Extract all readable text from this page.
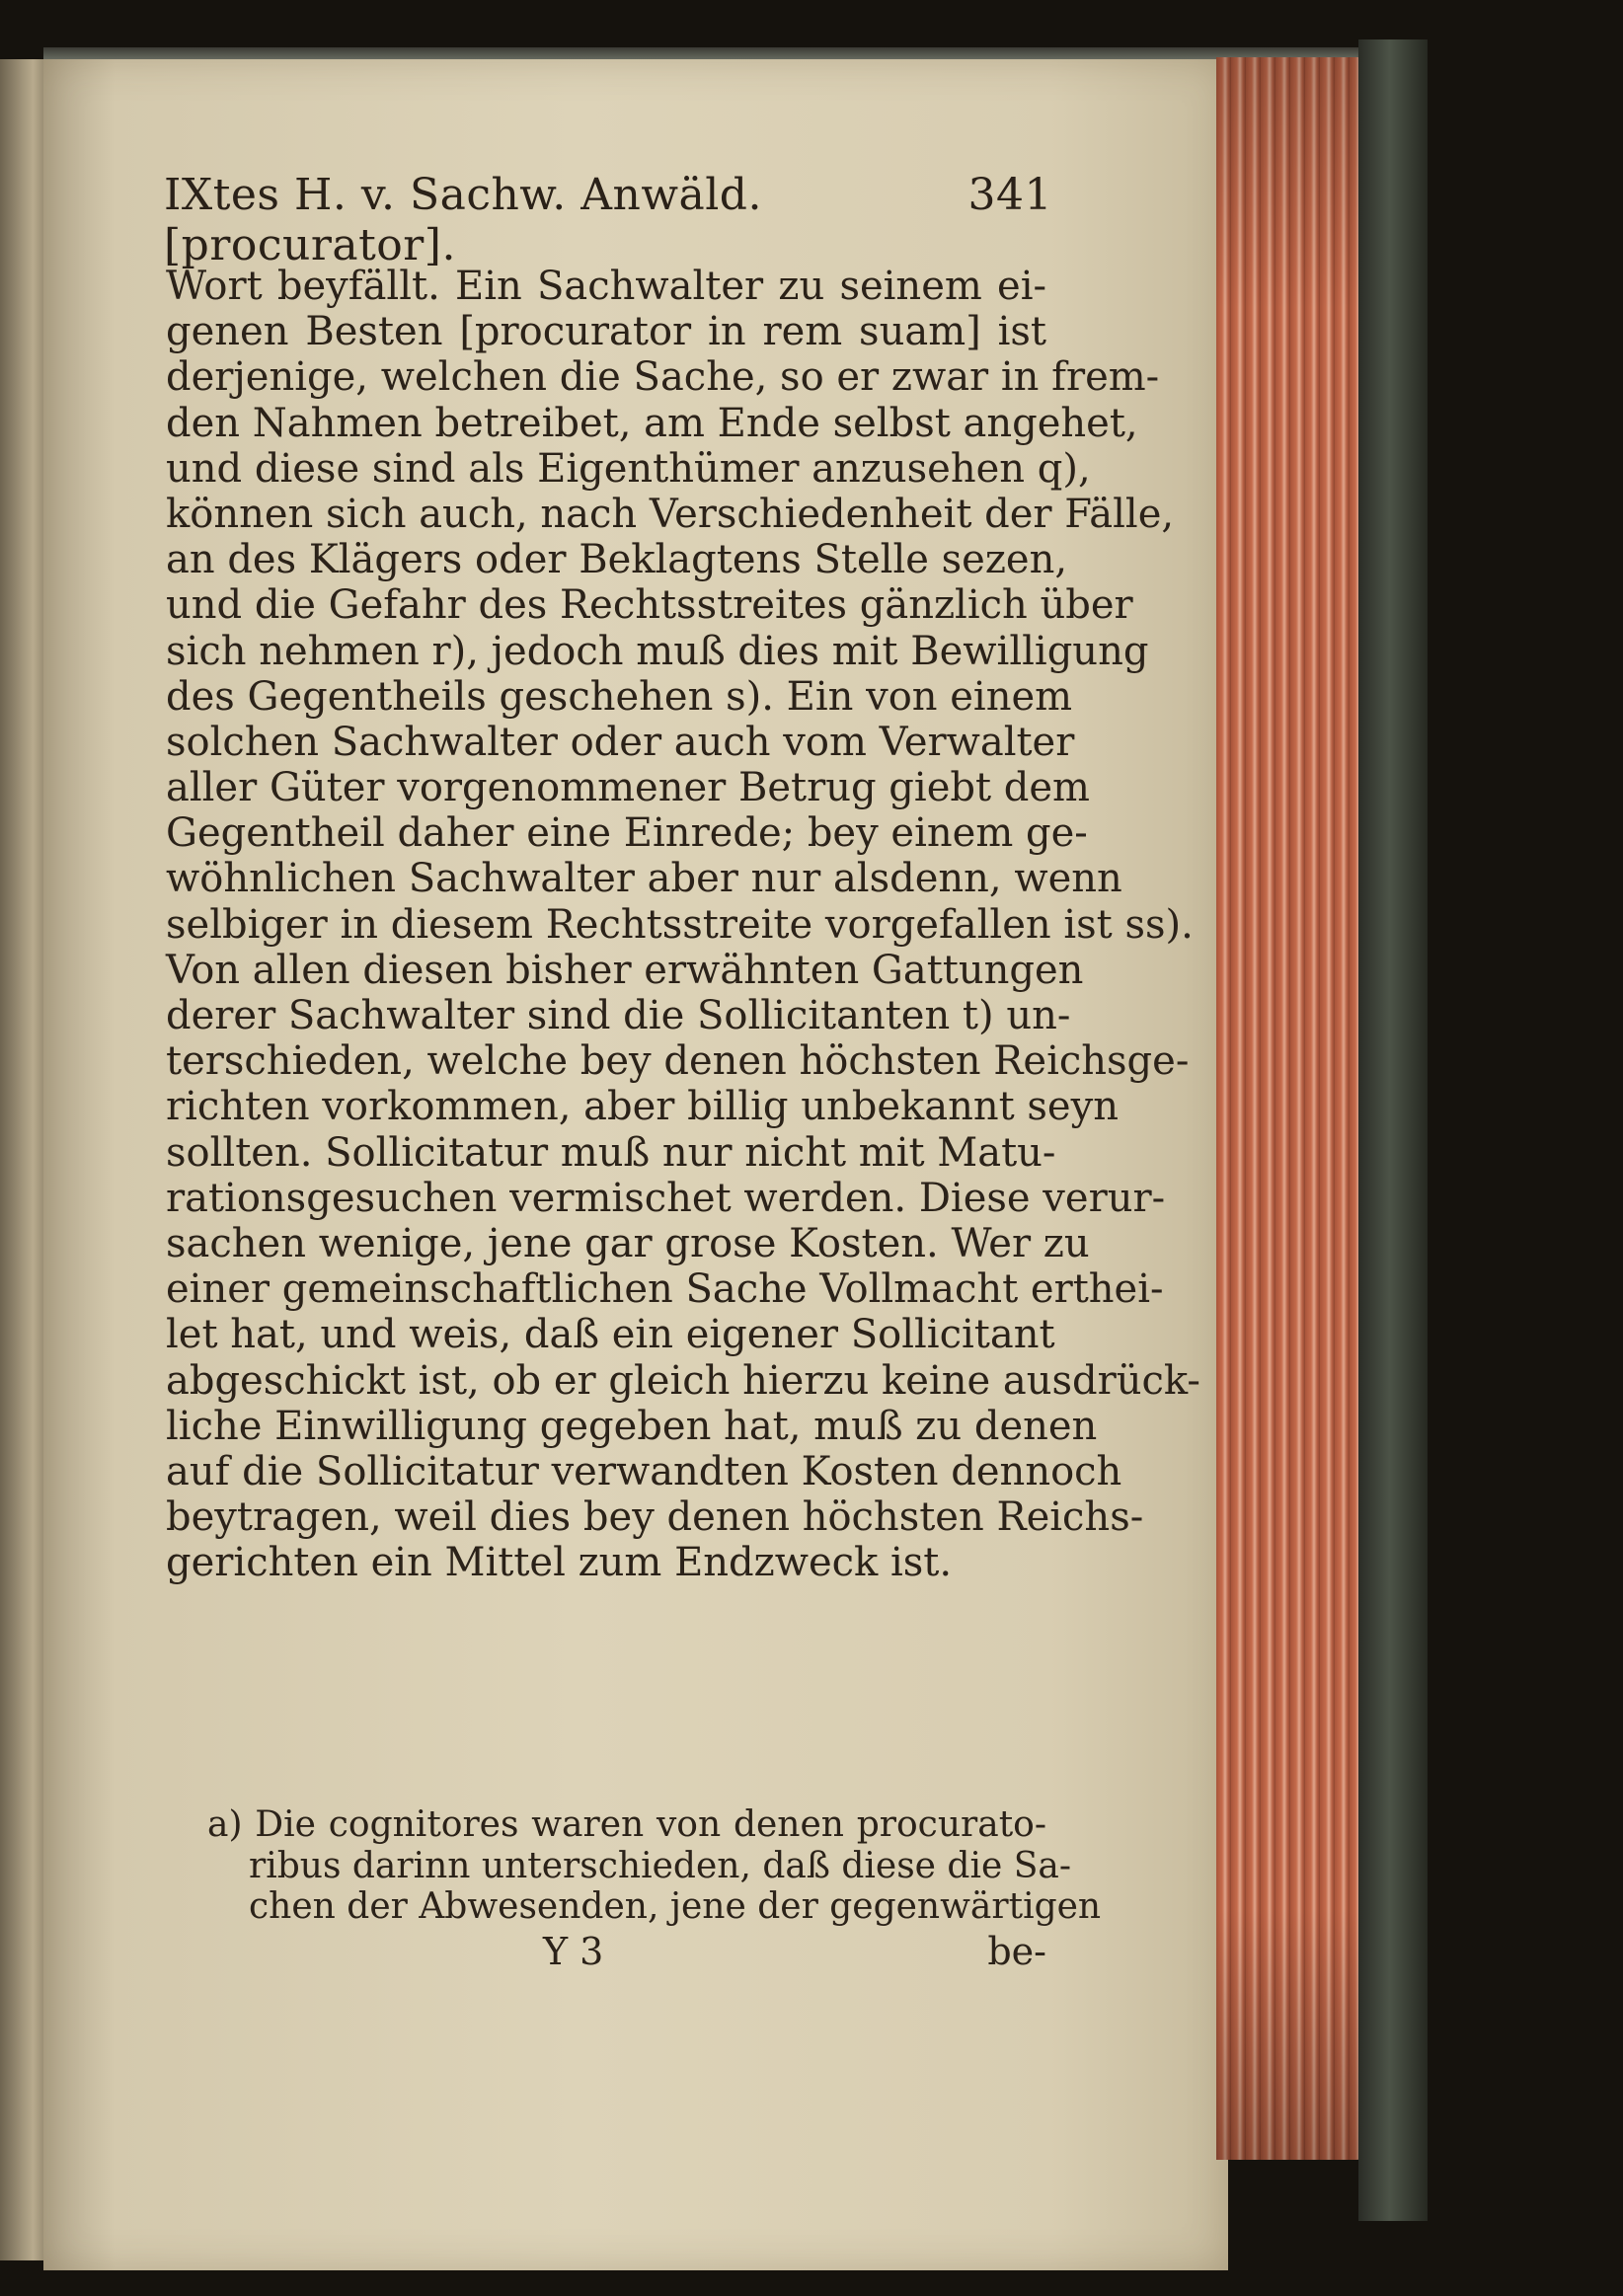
IXtes H. v. Sachw. Anwäld. [procurator].
341
Wort beyfällt. Ein Sachwalter zu seinem ei-
genen Besten [procurator in rem suam] ist
derjenige, welchen die Sache, so er zwar in frem-
den Nahmen betreibet, am Ende selbst angehet,
und diese sind als Eigenthümer anzusehen q),
können sich auch, nach Verschiedenheit der Fälle,
an des Klägers oder Beklagtens Stelle sezen,
und die Gefahr des Rechtsstreites gänzlich über
sich nehmen r), jedoch muß dies mit Bewilligung
des Gegentheils geschehen s). Ein von einem
solchen Sachwalter oder auch vom Verwalter
aller Güter vorgenommener Betrug giebt dem
Gegentheil daher eine Einrede; bey einem ge-
wöhnlichen Sachwalter aber nur alsdenn, wenn
selbiger in diesem Rechtsstreite vorgefallen ist ss).
Von allen diesen bisher erwähnten Gattungen
derer Sachwalter sind die Sollicitanten t) un-
terschieden, welche bey denen höchsten Reichsge-
richten vorkommen, aber billig unbekannt seyn
sollten. Sollicitatur muß nur nicht mit Matu-
rationsgesuchen vermischet werden. Diese verur-
sachen wenige, jene gar grose Kosten. Wer zu
einer gemeinschaftlichen Sache Vollmacht erthei-
let hat, und weis, daß ein eigener Sollicitant
abgeschickt ist, ob er gleich hierzu keine ausdrück-
liche Einwilligung gegeben hat, muß zu denen
auf die Sollicitatur verwandten Kosten dennoch
beytragen, weil dies bey denen höchsten Reichs-
gerichten ein Mittel zum Endzweck ist.
a) Die cognitores waren von denen procurato-
ribus darinn unterschieden, daß diese die Sa-
chen der Abwesenden, jene der gegenwärtigen
Y 3	be-
